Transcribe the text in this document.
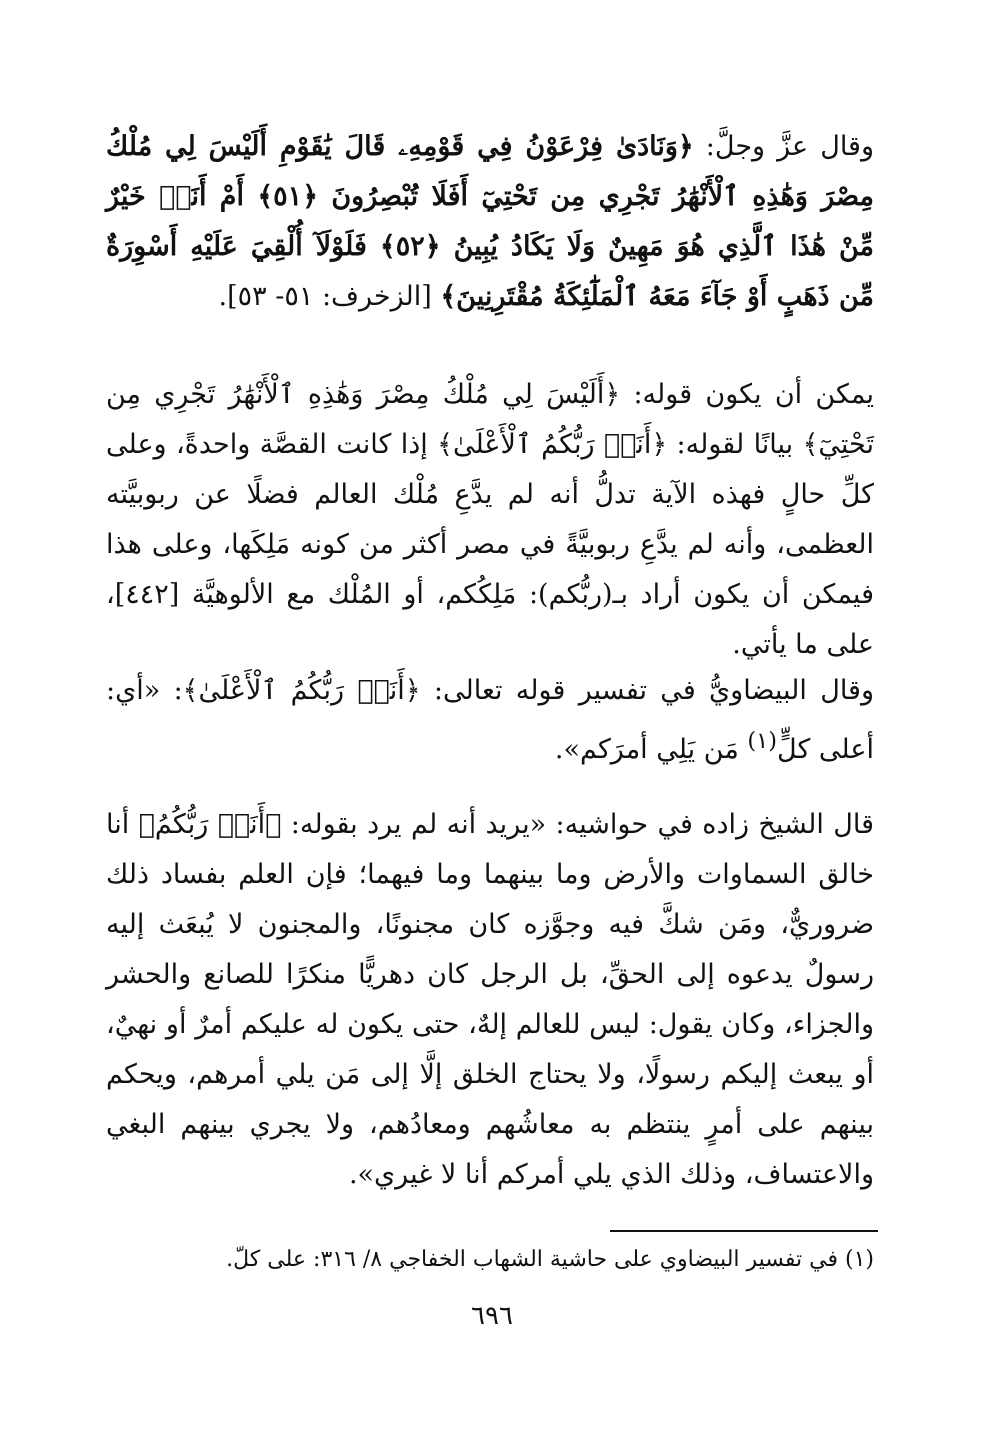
وقال عزَّ وجلَّ: ﴿وَنَادَىٰ فِرْعَوْنُ فِي قَوْمِهِۦ قَالَ يَٰقَوْمِ أَلَيْسَ لِي مُلْكُ مِصْرَ وَهَٰذِهِ ٱلْأَنْهَٰرُ تَجْرِي مِن تَحْتِيٓ أَفَلَا تُبْصِرُونَ ﴿٥١﴾ أَمْ أَنَا۠ خَيْرٌ مِّنْ هَٰذَا ٱلَّذِي هُوَ مَهِينٌ وَلَا يَكَادُ يُبِينُ ﴿٥٢﴾ فَلَوْلَآ أُلْقِيَ عَلَيْهِ أَسْوِرَةٌ مِّن ذَهَبٍ أَوْ جَآءَ مَعَهُ ٱلْمَلَٰٓئِكَةُ مُقْتَرِنِينَ﴾ [الزخرف: ٥١- ٥٣].

يمكن أن يكون قوله: ﴿أَلَيْسَ لِي مُلْكُ مِصْرَ وَهَٰذِهِ ٱلْأَنْهَٰرُ تَجْرِي مِن تَحْتِيٓ﴾ بيانًا لقوله: ﴿أَنَا۠ رَبُّكُمُ ٱلْأَعْلَىٰ﴾ إذا كانت القصَّة واحدةً، وعلى كلِّ حالٍ فهذه الآية تدلُّ أنه لم يدَّعِ مُلْك العالم فضلًا عن ربوبيَّته العظمى، وأنه لم يدَّعِ ربوبيَّةً في مصر أكثر من كونه مَلِكَها، وعلى هذا فيمكن أن يكون أراد بـ(ربُّكم): مَلِكُكم، أو المُلْك مع الألوهيَّة [٤٤٢]، على ما يأتي.

وقال البيضاويُّ في تفسير قوله تعالى: ﴿أَنَا۠ رَبُّكُمُ ٱلْأَعْلَىٰ﴾: «أي: أعلى كلٍّ$^{(١)}$ مَن يَلِي أمرَكم».

قال الشيخ زاده في حواشيه: «يريد أنه لم يرد بقوله: ﴿أَنَا۠ رَبُّكُمُ﴾ أنا خالق السماوات والأرض وما بينهما وما فيهما؛ فإن العلم بفساد ذلك ضروريٌّ، ومَن شكَّ فيه وجوَّزه كان مجنونًا، والمجنون لا يُبعَث إليه رسولٌ يدعوه إلى الحقِّ، بل الرجل كان دهريًّا منكرًا للصانع والحشر والجزاء، وكان يقول: ليس للعالم إلهٌ، حتى يكون له عليكم أمرٌ أو نهيٌ، أو يبعث إليكم رسولًا، ولا يحتاج الخلق إلَّا إلى مَن يلي أمرهم، ويحكم بينهم على أمرٍ ينتظم به معاشُهم ومعادُهم، ولا يجري بينهم البغي والاعتساف، وذلك الذي يلي أمركم أنا لا غيري».

(١) في تفسير البيضاوي على حاشية الشهاب الخفاجي ٨/ ٣١٦: على كلّ.

٦٩٦
